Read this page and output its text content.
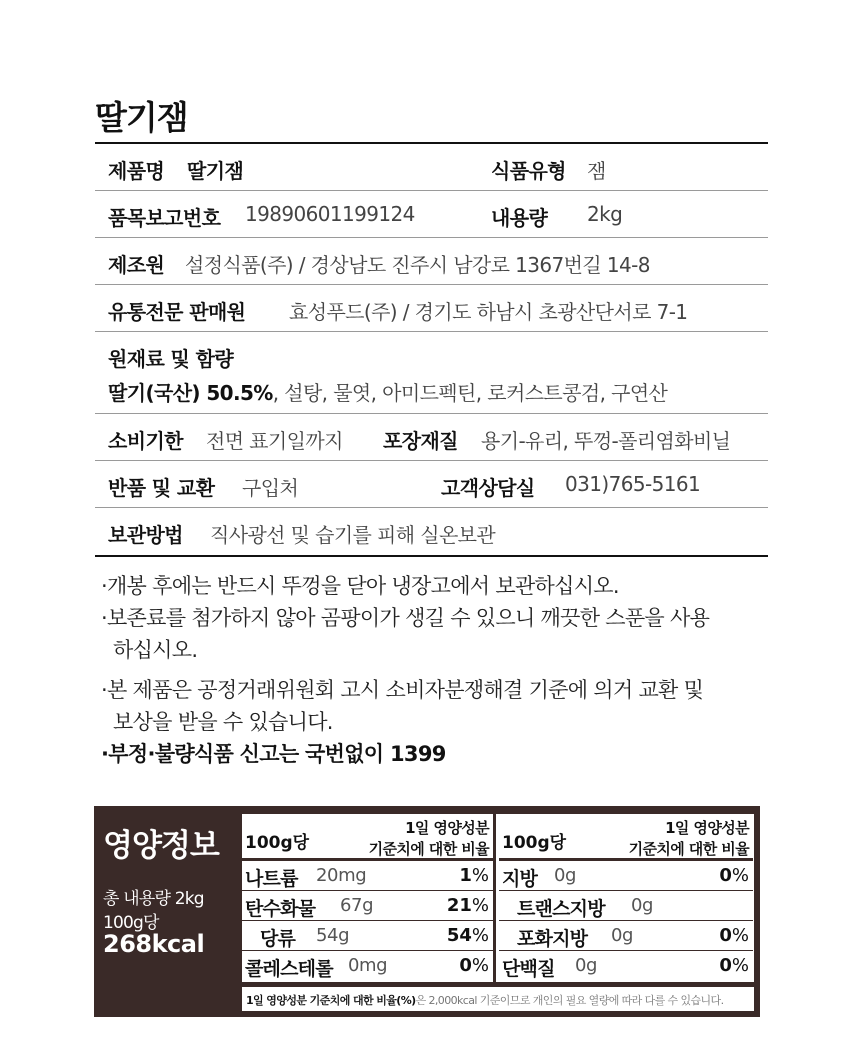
딸기잼
제품명 딸기잼	식품유형 잼
품목보고번호 19890601199124	내용량 2kg
제조원 설정식품(주) / 경상남도 진주시 남강로 1367번길 14-8
유통전문 판매원 효성푸드(주) / 경기도 하남시 초광산단서로 7-1
원재료 및 함량
딸기(국산) 50.5%, 설탕, 물엿, 아미드펙틴, 로커스트콩검, 구연산
소비기한 전면 표기일까지 포장재질 용기-유리, 뚜껑-폴리염화비닐
반품 및 교환 구입처	고객상담실 031)765-5161
보관방법 직사광선 및 습기를 피해 실온보관
·개봉 후에는 반드시 뚜껑을 닫아 냉장고에서 보관하십시오.
·보존료를 첨가하지 않아 곰팡이가 생길 수 있으니 깨끗한 스푼을 사용
하십시오.
·본 제품은 공정거래위원회 고시 소비자분쟁해결 기준에 의거 교환 및
보상을 받을 수 있습니다.
·부정·불량식품 신고는 국번없이 1399
영양정보
총 내용량 2kg
100g당
268kcal
100g당
1일 영양성분
기준치에 대한 비율
나트륨 20mg	1%
탄수화물 67g	21%
당류 54g	54%
콜레스테롤 0mg	0%
100g당
1일 영양성분
기준치에 대한 비율
지방 0g	0%
트랜스지방 0g
포화지방 0g	0%
단백질 0g	0%
1일 영양성분 기준치에 대한 비율(%)은 2,000kcal 기준이므로 개인의 필요 열량에 따라 다를 수 있습니다.
